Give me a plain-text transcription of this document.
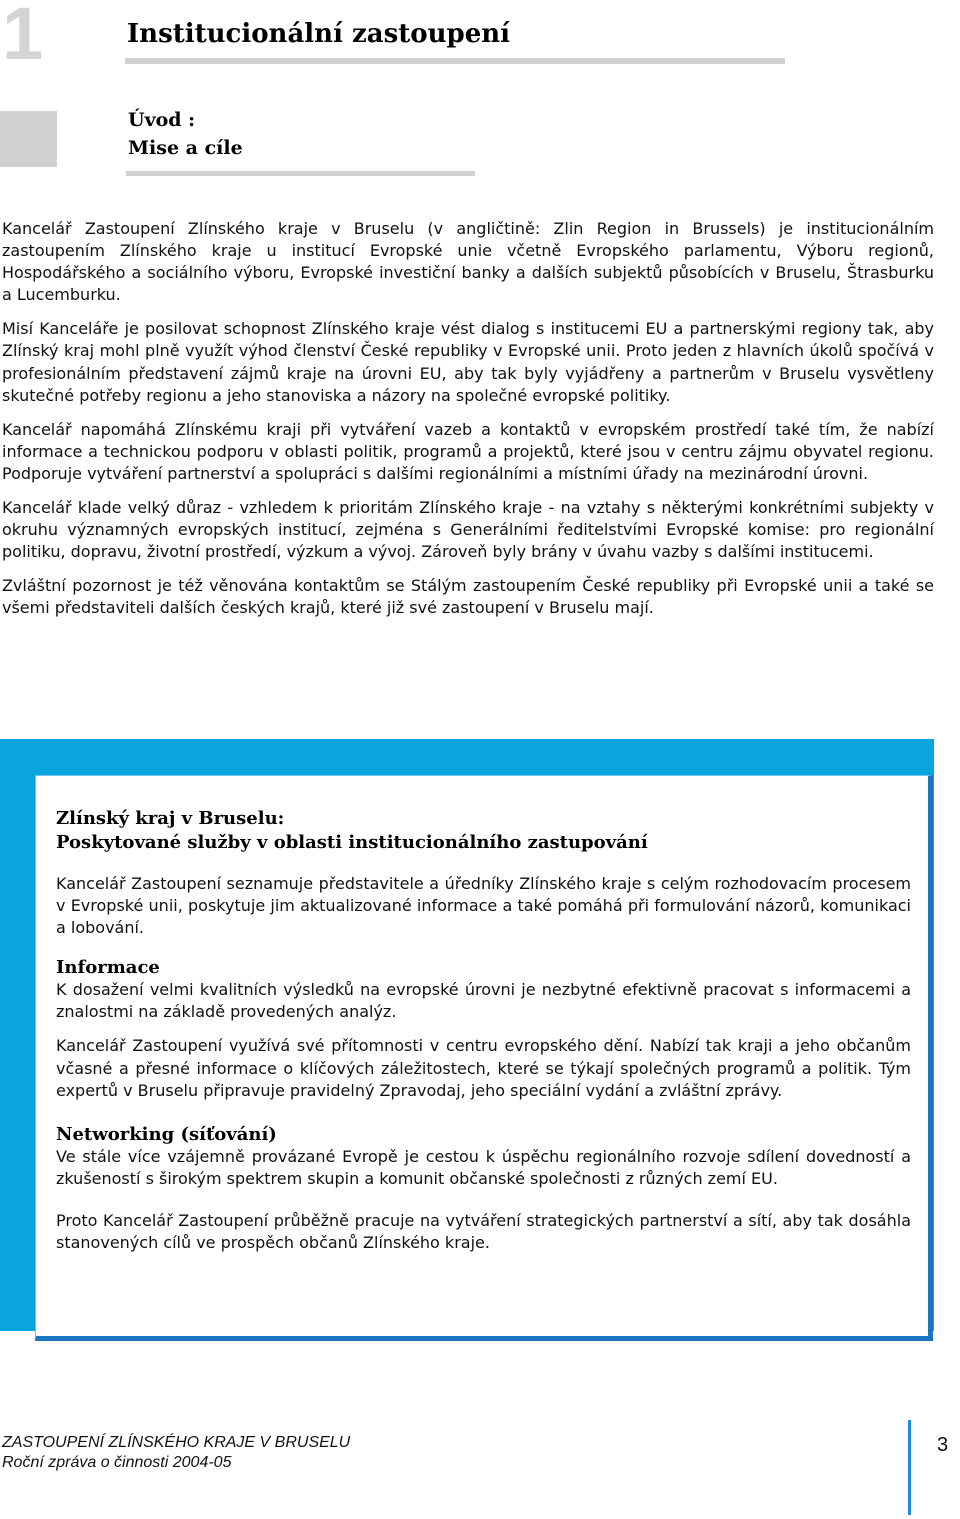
1	Institucionální zastoupení
Úvod :
Mise a cíle

Kancelář Zastoupení Zlínského kraje v Bruselu (v angličtině: Zlin Region in Brussels) je institucionálním zastoupením Zlínského kraje u institucí Evropské unie včetně Evropského parlamentu, Výboru regionů, Hospodářského a sociálního výboru, Evropské investiční banky a dalších subjektů působících v Bruselu, Štrasburku a Lucemburku.

Misí Kanceláře je posilovat schopnost Zlínského kraje vést dialog s institucemi EU a partnerskými regiony tak, aby Zlínský kraj mohl plně využít výhod členství České republiky v Evropské unii. Proto jeden z hlavních úkolů spočívá v profesionálním představení zájmů kraje na úrovni EU, aby tak byly vyjádřeny a partnerům v Bruselu vysvětleny skutečné potřeby regionu a jeho stanoviska a názory na společné evropské politiky.

Kancelář napomáhá Zlínskému kraji při vytváření vazeb a kontaktů v evropském prostředí také tím, že nabízí informace a technickou podporu v oblasti politik, programů a projektů, které jsou v centru zájmu obyvatel regionu. Podporuje vytváření partnerství a spolupráci s dalšími regionálními a místními úřady na mezinárodní úrovni.

Kancelář klade velký důraz - vzhledem k prioritám Zlínského kraje - na vztahy s některými konkrétními subjekty v okruhu významných evropských institucí, zejména s Generálními ředitelstvími Evropské komise: pro regionální politiku, dopravu, životní prostředí, výzkum a vývoj. Zároveň byly brány v úvahu vazby s dalšími institucemi.

Zvláštní pozornost je též věnována kontaktům se Stálým zastoupením České republiky při Evropské unii a také se všemi představiteli dalších českých krajů, které již své zastoupení v Bruselu mají.

Zlínský kraj v Bruselu:
Poskytované služby v oblasti institucionálního zastupování

Kancelář Zastoupení seznamuje představitele a úředníky Zlínského kraje s celým rozhodovacím procesem v Evropské unii, poskytuje jim aktualizované informace a také pomáhá při formulování názorů, komunikaci a lobování.

Informace

K dosažení velmi kvalitních výsledků na evropské úrovni je nezbytné efektivně pracovat s informacemi a znalostmi na základě provedených analýz.

Kancelář Zastoupení využívá své přítomnosti v centru evropského dění. Nabízí tak kraji a jeho občanům včasné a přesné informace o klíčových záležitostech, které se týkají společných programů a politik. Tým expertů v Bruselu připravuje pravidelný Zpravodaj, jeho speciální vydání a zvláštní zprávy.

Networking (síťování)

Ve stále více vzájemně provázané Evropě je cestou k úspěchu regionálního rozvoje sdílení dovedností a zkušeností s širokým spektrem skupin a komunit občanské společnosti z různých zemí EU.

Proto Kancelář Zastoupení průběžně pracuje na vytváření strategických partnerství a sítí, aby tak dosáhla stanovených cílů ve prospěch občanů Zlínského kraje.

ZASTOUPENÍ ZLÍNSKÉHO KRAJE V BRUSELU
Roční zpráva o činnosti 2004-05
3
